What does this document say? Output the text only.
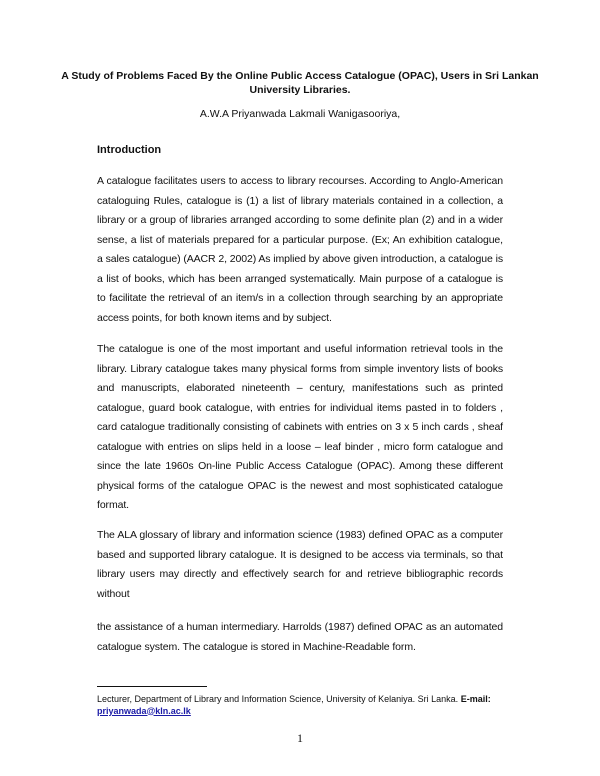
A Study of Problems Faced By the Online Public Access Catalogue (OPAC), Users in Sri Lankan University Libraries.
A.W.A Priyanwada Lakmali Wanigasooriya,
Introduction
A catalogue facilitates users to access to library recourses. According to Anglo-American cataloguing Rules, catalogue is (1) a list of library materials contained in a collection, a library or a group of libraries arranged according to some definite plan (2) and in a wider sense, a list of materials prepared for a particular purpose. (Ex; An exhibition catalogue, a sales catalogue) (AACR 2, 2002) As implied by above given introduction, a catalogue is a list of books, which has been arranged systematically. Main purpose of a catalogue is to facilitate the retrieval of an item/s in a collection through searching by an appropriate access points, for both known items and by subject.
The catalogue is one of the most important and useful information retrieval tools in the library. Library catalogue takes many physical forms from simple inventory lists of books and manuscripts, elaborated nineteenth – century, manifestations such as printed catalogue, guard book catalogue, with entries for individual items pasted in to folders , card catalogue traditionally consisting of cabinets with entries on 3 x 5 inch cards , sheaf catalogue with entries on slips held in a loose – leaf binder , micro form catalogue and since the late 1960s On-line Public Access Catalogue (OPAC). Among these different physical forms of the catalogue OPAC is the newest and most sophisticated catalogue format.
The ALA glossary of library and information science (1983) defined OPAC as a computer based and supported library catalogue. It is designed to be access via terminals, so that library users may directly and effectively search for and retrieve bibliographic records without
the assistance of a human intermediary. Harrolds (1987) defined OPAC as an automated catalogue system. The catalogue is stored in Machine-Readable form.
Lecturer, Department of Library and Information Science, University of Kelaniya. Sri Lanka. E-mail: priyanwada@kln.ac.lk
1
